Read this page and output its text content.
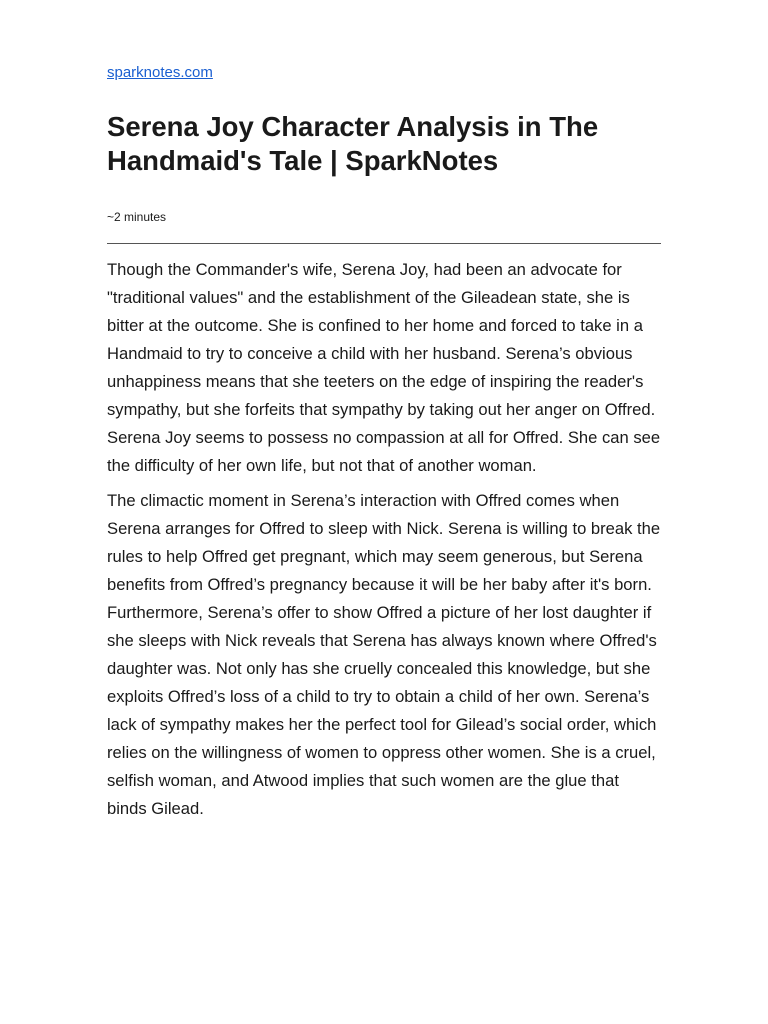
sparknotes.com
Serena Joy Character Analysis in The Handmaid's Tale | SparkNotes
~2 minutes

Though the Commander's wife, Serena Joy, had been an advocate for "traditional values" and the establishment of the Gileadean state, she is bitter at the outcome. She is confined to her home and forced to take in a Handmaid to try to conceive a child with her husband. Serena’s obvious unhappiness means that she teeters on the edge of inspiring the reader's sympathy, but she forfeits that sympathy by taking out her anger on Offred. Serena Joy seems to possess no compassion at all for Offred. She can see the difficulty of her own life, but not that of another woman.

The climactic moment in Serena’s interaction with Offred comes when Serena arranges for Offred to sleep with Nick. Serena is willing to break the rules to help Offred get pregnant, which may seem generous, but Serena benefits from Offred’s pregnancy because it will be her baby after it's born. Furthermore, Serena’s offer to show Offred a picture of her lost daughter if she sleeps with Nick reveals that Serena has always known where Offred's daughter was. Not only has she cruelly concealed this knowledge, but she exploits Offred’s loss of a child to try to obtain a child of her own. Serena’s lack of sympathy makes her the perfect tool for Gilead’s social order, which relies on the willingness of women to oppress other women. She is a cruel, selfish woman, and Atwood implies that such women are the glue that binds Gilead.
